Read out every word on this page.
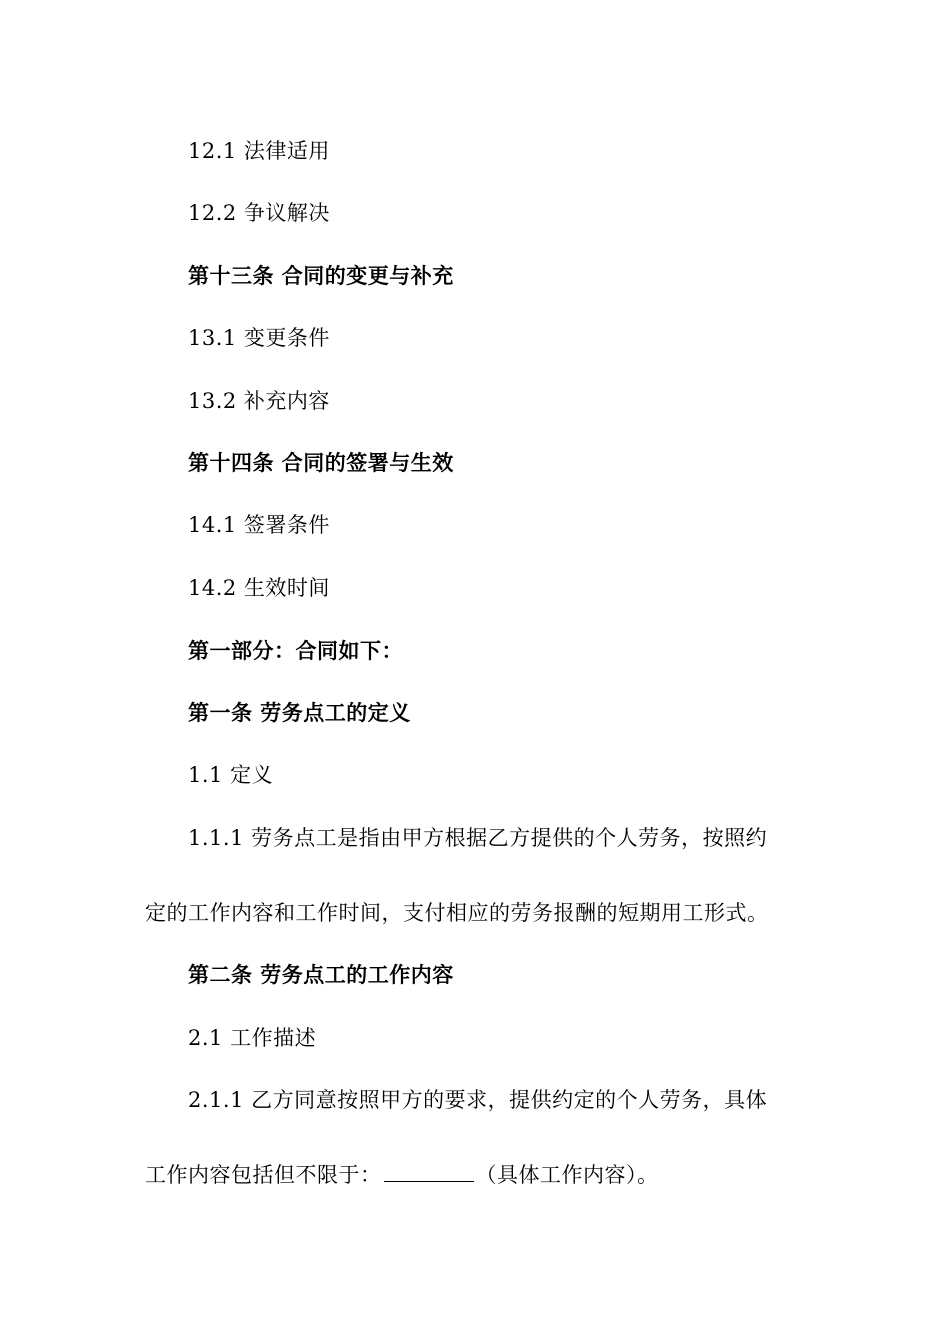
12.1 法律适用
12.2 争议解决
第十三条 合同的变更与补充
13.1 变更条件
13.2 补充内容
第十四条 合同的签署与生效
14.1 签署条件
14.2 生效时间
第一部分：合同如下：
第一条 劳务点工的定义
1.1 定义
1.1.1 劳务点工是指由甲方根据乙方提供的个人劳务，按照约
定的工作内容和工作时间，支付相应的劳务报酬的短期用工形式。
第二条 劳务点工的工作内容
2.1 工作描述
2.1.1 乙方同意按照甲方的要求，提供约定的个人劳务，具体
工作内容包括但不限于：	（具体工作内容）。
